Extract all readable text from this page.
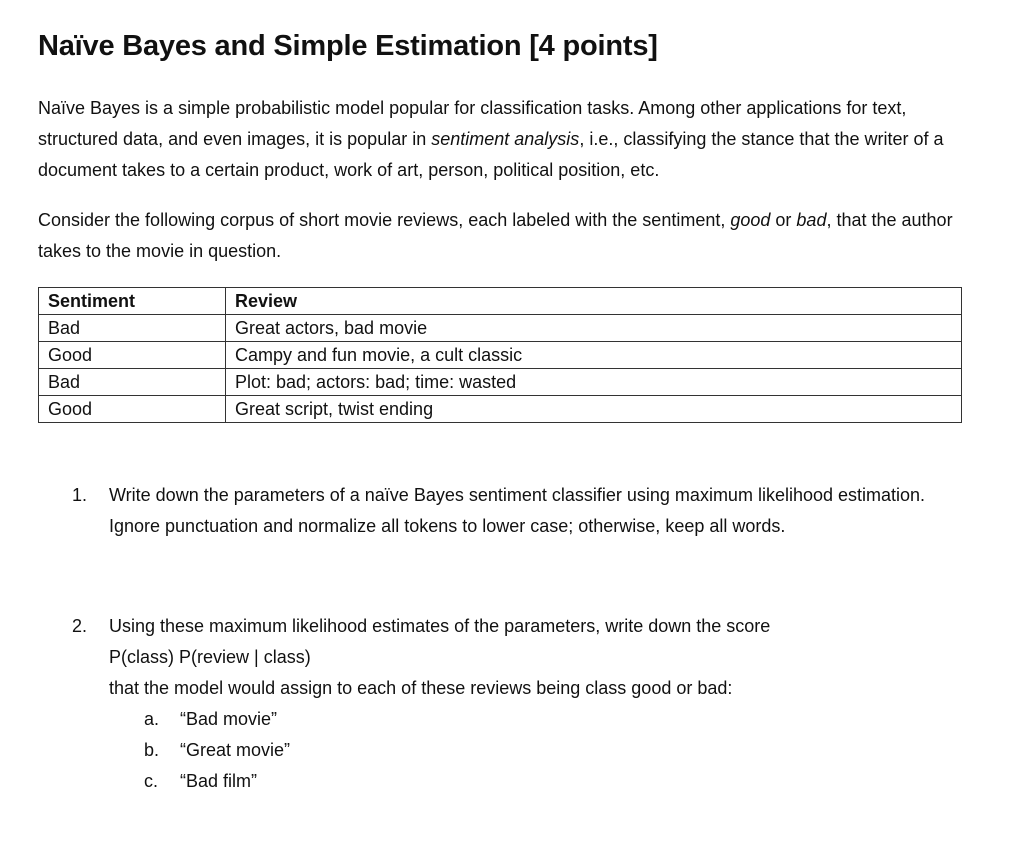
Naïve Bayes and Simple Estimation [4 points]

Naïve Bayes is a simple probabilistic model popular for classification tasks. Among other applications for text, structured data, and even images, it is popular in sentiment analysis, i.e., classifying the stance that the writer of a document takes to a certain product, work of art, person, political position, etc.

Consider the following corpus of short movie reviews, each labeled with the sentiment, good or bad, that the author takes to the movie in question.

Sentiment	Review
Bad	Great actors, bad movie
Good	Campy and fun movie, a cult classic
Bad	Plot: bad; actors: bad; time: wasted
Good	Great script, twist ending
1. Write down the parameters of a naïve Bayes sentiment classifier using maximum likelihood estimation. Ignore punctuation and normalize all tokens to lower case; otherwise, keep all words.
2. Using these maximum likelihood estimates of the parameters, write down the score
P(class) P(review | class)
that the model would assign to each of these reviews being class good or bad:
a. “Bad movie”
b. “Great movie”
c. “Bad film”
